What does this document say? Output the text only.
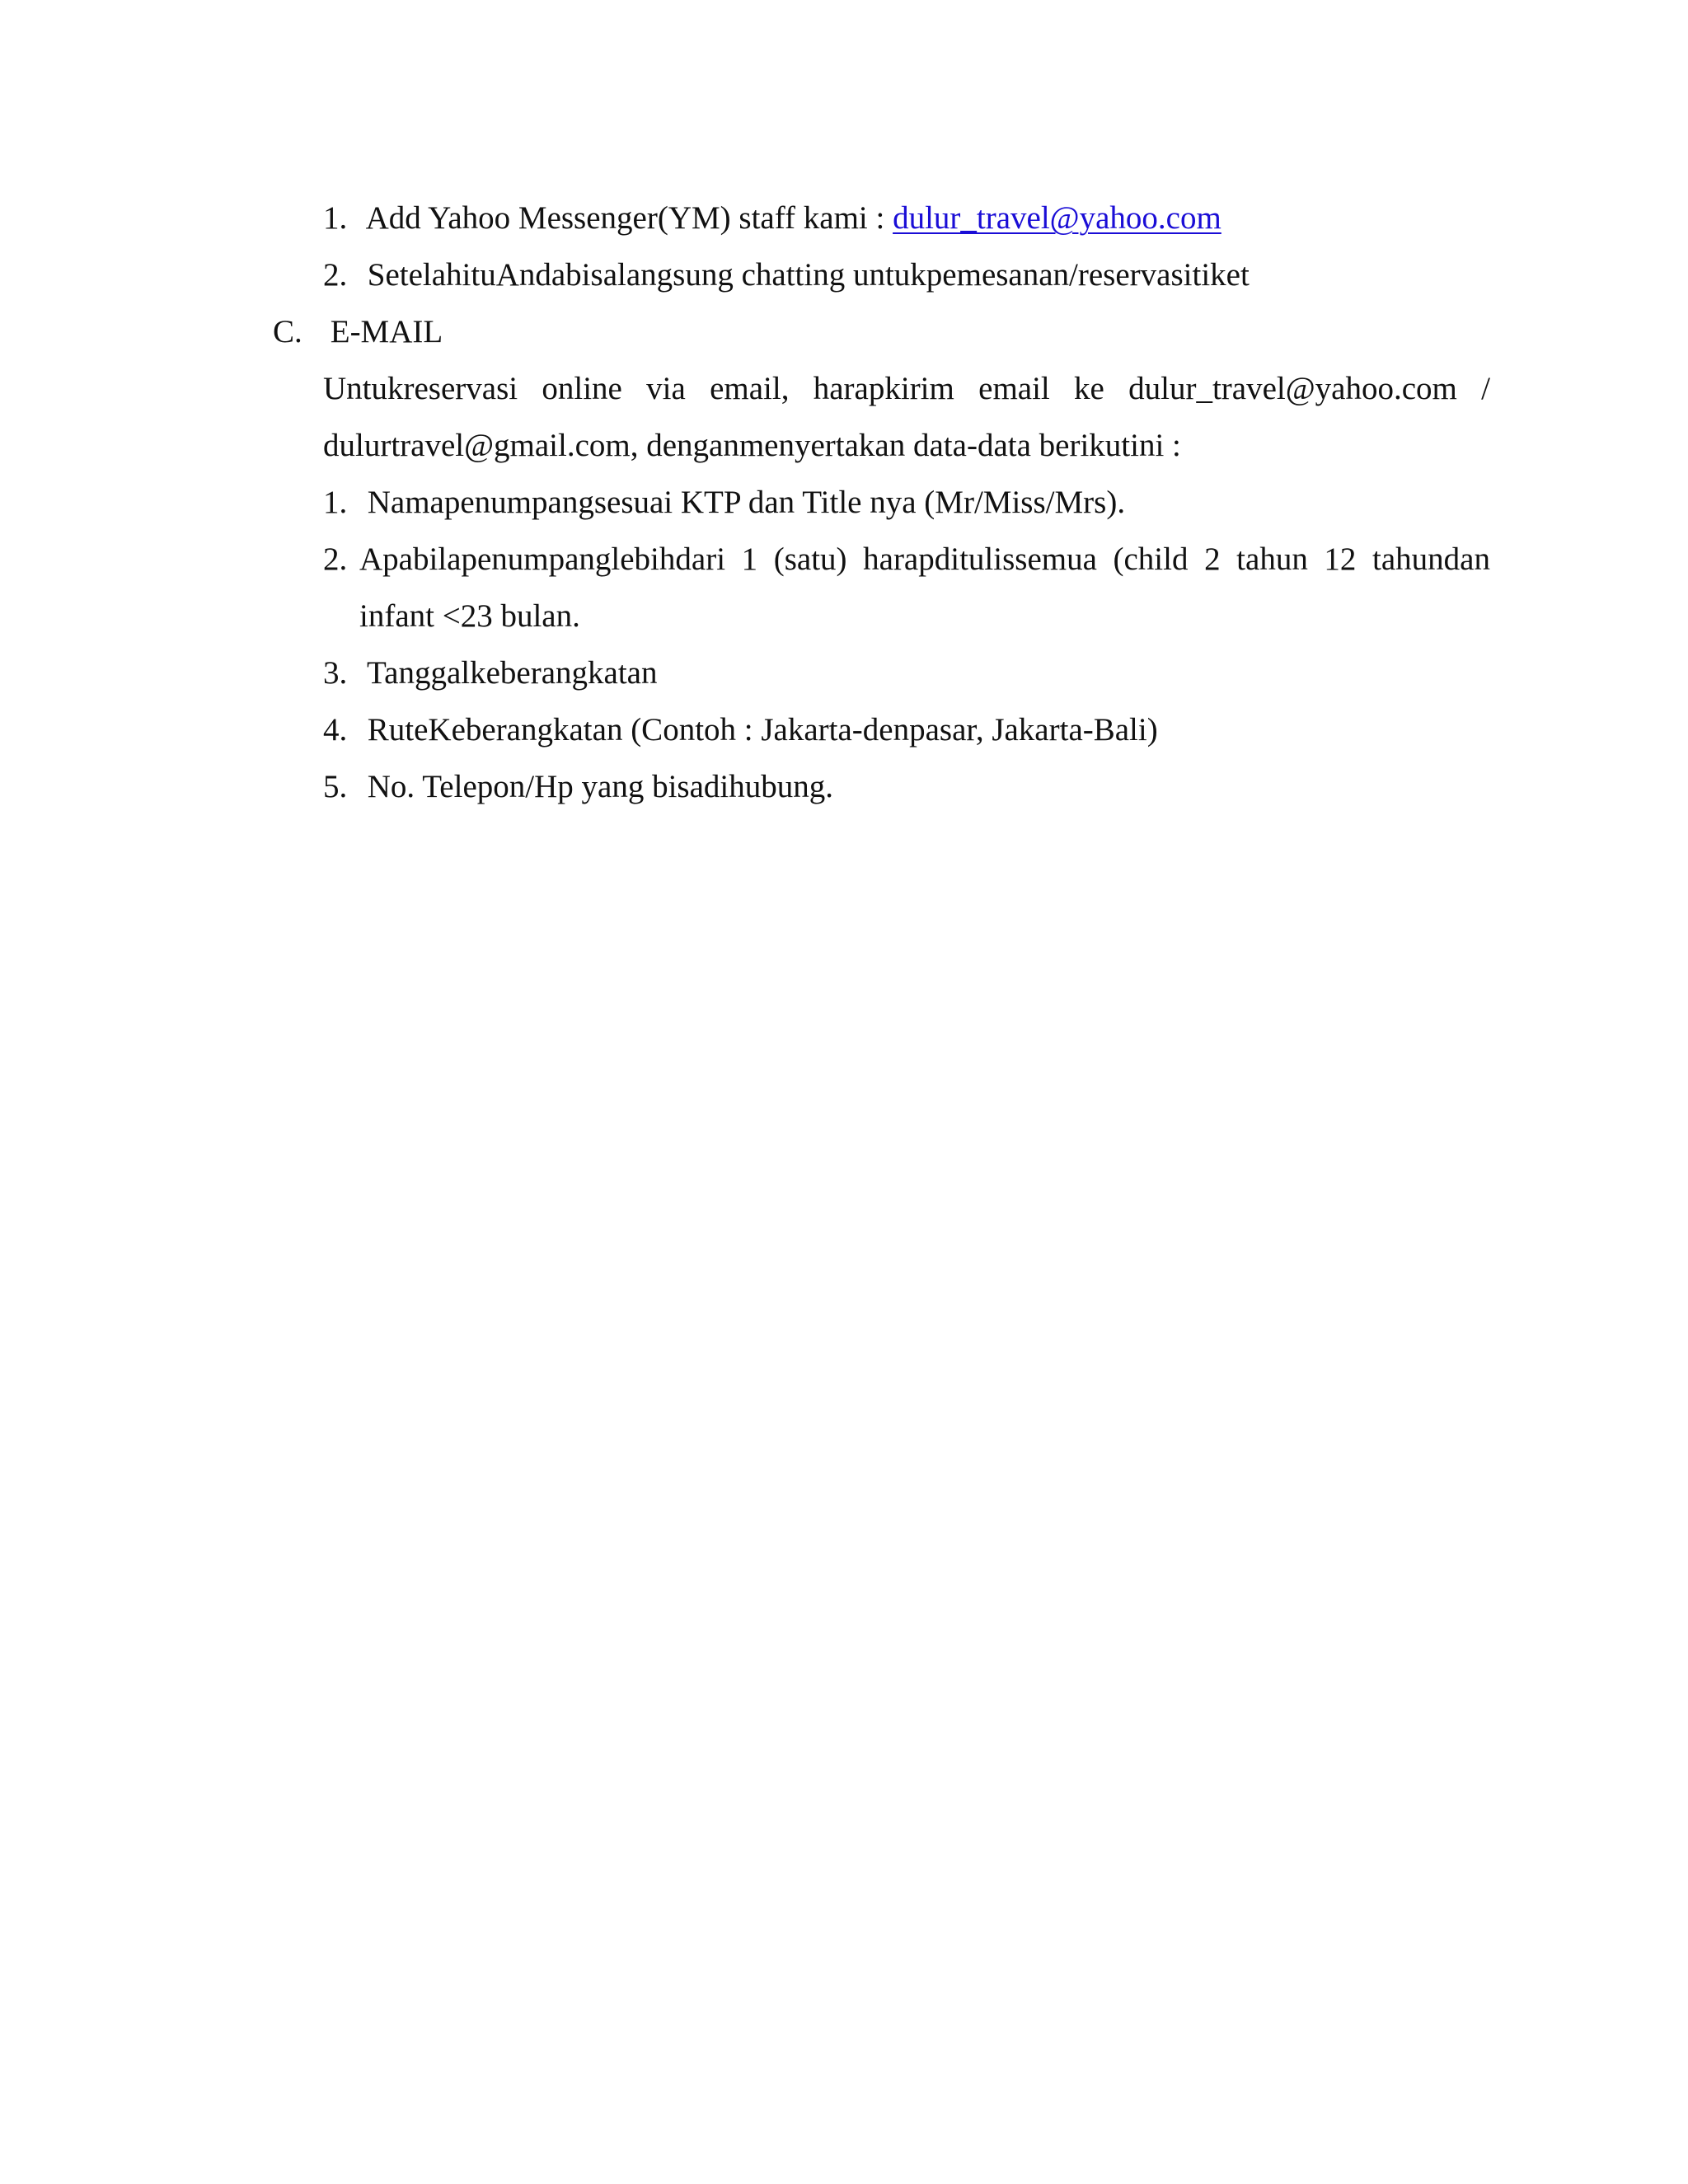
1. Add Yahoo Messenger(YM) staff kami : dulur_travel@yahoo.com
2. SetelahituAndabisalangsung chatting untukpemesanan/reservasitiket
C. E-MAIL
Untukreservasi online via email, harapkirim email ke dulur_travel@yahoo.com /
dulurtravel@gmail.com, denganmenyertakan data-data berikutini :
1. Namapenumpangsesuai KTP dan Title nya (Mr/Miss/Mrs).
2. Apabilapenumpanglebihdari 1 (satu) harapditulissemua (child 2 tahun 12 tahundan
infant <23 bulan.
3. Tanggalkeberangkatan
4. RuteKeberangkatan (Contoh : Jakarta-denpasar, Jakarta-Bali)
5. No. Telepon/Hp yang bisadihubung.
